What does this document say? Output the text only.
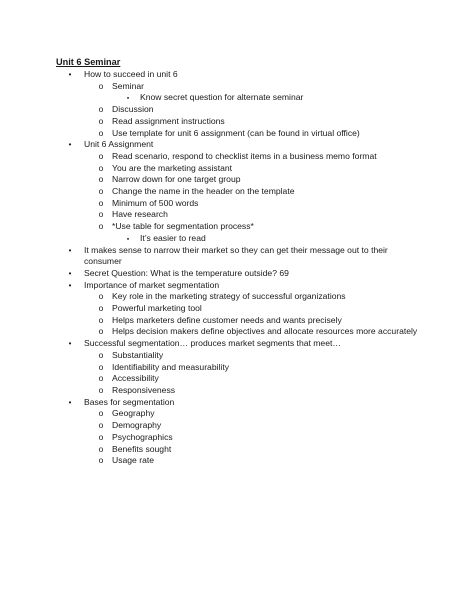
Unit 6 Seminar
•	How to succeed in unit 6
o Seminar
▪	Know secret question for alternate seminar
o Discussion
o Read assignment instructions
o Use template for unit 6 assignment (can be found in virtual office)
•	Unit 6 Assignment
o Read scenario, respond to checklist items in a business memo format
o You are the marketing assistant
o Narrow down for one target group
o Change the name in the header on the template
o Minimum of 500 words
o Have research
o *Use table for segmentation process*
▪	It’s easier to read
•	It makes sense to narrow their market so they can get their message out to their consumer
•	Secret Question: What is the temperature outside? 69
•	Importance of market segmentation
o Key role in the marketing strategy of successful organizations
o Powerful marketing tool
o Helps marketers define customer needs and wants precisely
o Helps decision makers define objectives and allocate resources more accurately
•	Successful segmentation… produces market segments that meet…
o Substantiality
o Identifiability and measurability
o Accessibility
o Responsiveness
•	Bases for segmentation
o Geography
o Demography
o Psychographics
o Benefits sought
o Usage rate
